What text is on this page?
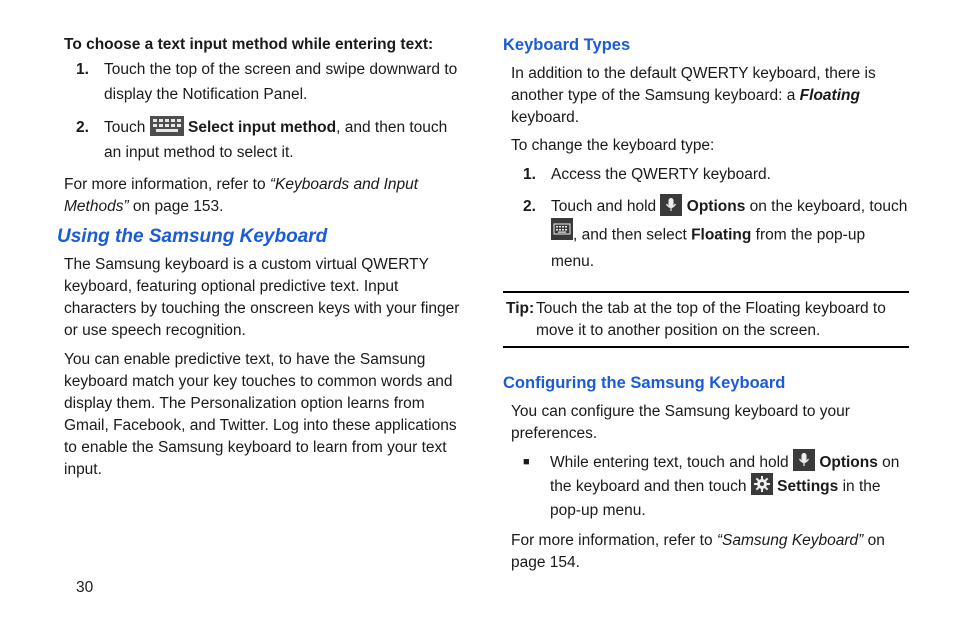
To choose a text input method while entering text:

1. Touch the top of the screen and swipe downward to display the Notification Panel.
2. Touch	Select input method, and then touch an input method to select it.

For more information, refer to “Keyboards and Input Methods” on page 153.

Using the Samsung Keyboard

The Samsung keyboard is a custom virtual QWERTY keyboard, featuring optional predictive text. Input characters by touching the onscreen keys with your finger or use speech recognition.

You can enable predictive text, to have the Samsung keyboard match your key touches to common words and display them. The Personalization option learns from Gmail, Facebook, and Twitter. Log into these applications to enable the Samsung keyboard to learn from your text input.

Keyboard Types

In addition to the default QWERTY keyboard, there is another type of the Samsung keyboard: a Floating keyboard.

To change the keyboard type:

1. Access the QWERTY keyboard.
2. Touch and hold Options on the keyboard, touch , and then select Floating from the pop-up menu.
Tip: Touch the tab at the top of the Floating keyboard to move it to another position on the screen.
Configuring the Samsung Keyboard

You can configure the Samsung keyboard to your preferences.

■	While entering text, touch and hold Options on the keyboard and then touch Settings in the pop-up menu.

For more information, refer to “Samsung Keyboard” on page 154.

30
